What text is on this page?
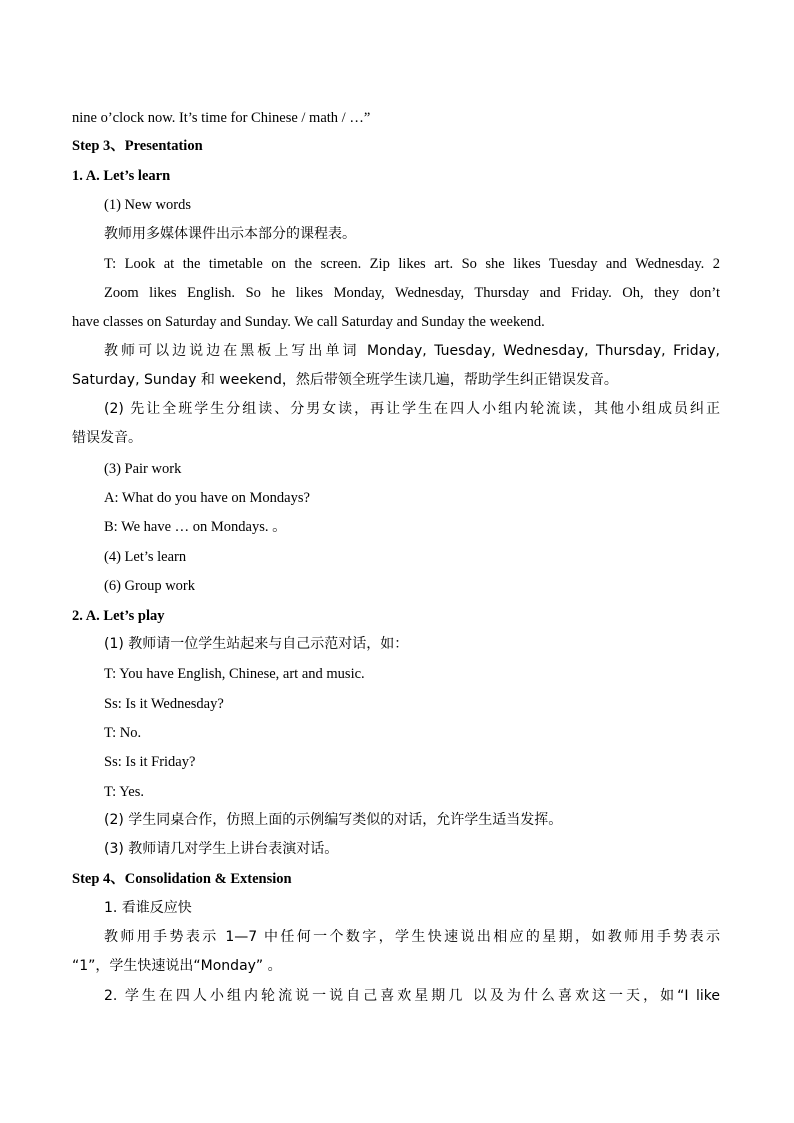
nine o’clock now. It’s time for Chinese / math / …”
Step 3、Presentation
1. A. Let’s learn
(1) New words
教师用多媒体课件出示本部分的课程表。
T: Look at the timetable on the screen. Zip likes art. So she likes Tuesday and Wednesday. 2
Zoom likes English. So he likes Monday, Wednesday, Thursday and Friday. Oh, they don’t
have classes on Saturday and Sunday. We call Saturday and Sunday the weekend.
教师可以边说边在黑板上写出单词 Monday, Tuesday, Wednesday, Thursday, Friday,
Saturday, Sunday 和 weekend，然后带领全班学生读几遍，帮助学生纠正错误发音。
(2) 先让全班学生分组读、分男女读，再让学生在四人小组内轮流读，其他小组成员纠正
错误发音。
(3) Pair work
A: What do you have on Mondays?
B: We have … on Mondays. 。
(4) Let’s learn
(6) Group work
2. A. Let’s play
(1) 教师请一位学生站起来与自己示范对话，如：
T: You have English, Chinese, art and music.
Ss: Is it Wednesday?
T: No.
Ss: Is it Friday?
T: Yes.
(2) 学生同桌合作，仿照上面的示例编写类似的对话，允许学生适当发挥。
(3) 教师请几对学生上讲台表演对话。
Step 4、Consolidation & Extension
1. 看谁反应快
教师用手势表示 1—7 中任何一个数字，学生快速说出相应的星期，如教师用手势表示
“1”，学生快速说出“Monday” 。
2. 学生在四人小组内轮流说一说自己喜欢星期几 以及为什么喜欢这一天，如“I like
